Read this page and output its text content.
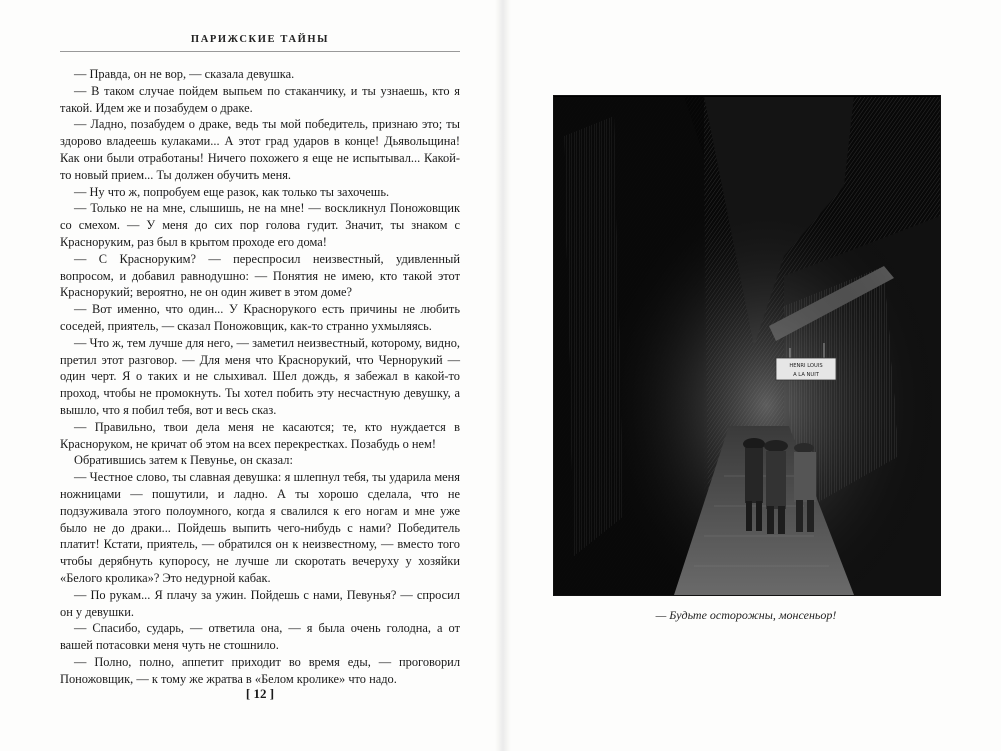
ПАРИЖСКИЕ ТАЙНЫ

— Правда, он не вор, — сказала девушка.

— В таком случае пойдем выпьем по стаканчику, и ты узнаешь, кто я такой. Идем же и позабудем о драке.

— Ладно, позабудем о драке, ведь ты мой победитель, признаю это; ты здорово владеешь кулаками... А этот град ударов в конце! Дьявольщина! Как они были отработаны! Ничего похожего я еще не испытывал... Какой-то новый прием... Ты должен обучить меня.

— Ну что ж, попробуем еще разок, как только ты захочешь.

— Только не на мне, слышишь, не на мне! — воскликнул Поножовщик со смехом. — У меня до сих пор голова гудит. Значит, ты знаком с Красноруким, раз был в крытом проходе его дома!

— С Красноруким? — переспросил неизвестный, удивленный вопросом, и добавил равнодушно: — Понятия не имею, кто такой этот Краснорукий; вероятно, не он один живет в этом доме?

— Вот именно, что один... У Краснорукого есть причины не любить соседей, приятель, — сказал Поножовщик, как-то странно ухмыляясь.

— Что ж, тем лучше для него, — заметил неизвестный, которому, видно, претил этот разговор. — Для меня что Краснорукий, что Чернорукий — один черт. Я о таких и не слыхивал. Шел дождь, я забежал в какой-то проход, чтобы не промокнуть. Ты хотел побить эту несчастную девушку, а вышло, что я побил тебя, вот и весь сказ.

— Правильно, твои дела меня не касаются; те, кто нуждается в Краснoруком, не кричат об этом на всех перекрестках. Позабудь о нем!

Обратившись затем к Певунье, он сказал:

— Честное слово, ты славная девушка: я шлепнул тебя, ты ударила меня ножницами — пошутили, и ладно. А ты хорошо сделала, что не подзуживала этого полоумного, когда я свалился к его ногам и мне уже было не до драки... Пойдешь выпить чего-нибудь с нами? Победитель платит! Кстати, приятель, — обратился он к неизвестному, — вместо того чтобы дерябнуть купоросу, не лучше ли скоротать вечеруху у хозяйки «Белого кролика»? Это недурной кабак.

— По рукам... Я плачу за ужин. Пойдешь с нами, Певунья? — спросил он у девушки.

— Спасибо, сударь, — ответила она, — я была очень голодна, а от вашей потасовки меня чуть не стошнило.

— Полно, полно, аппетит приходит во время еды, — проговорил Поножовщик, — к тому же жратва в «Белом кролике» что надо.

[ 12 ]
HENRI LOUIS
A LA NUIT
— Будьте осторожны, монсеньор!
